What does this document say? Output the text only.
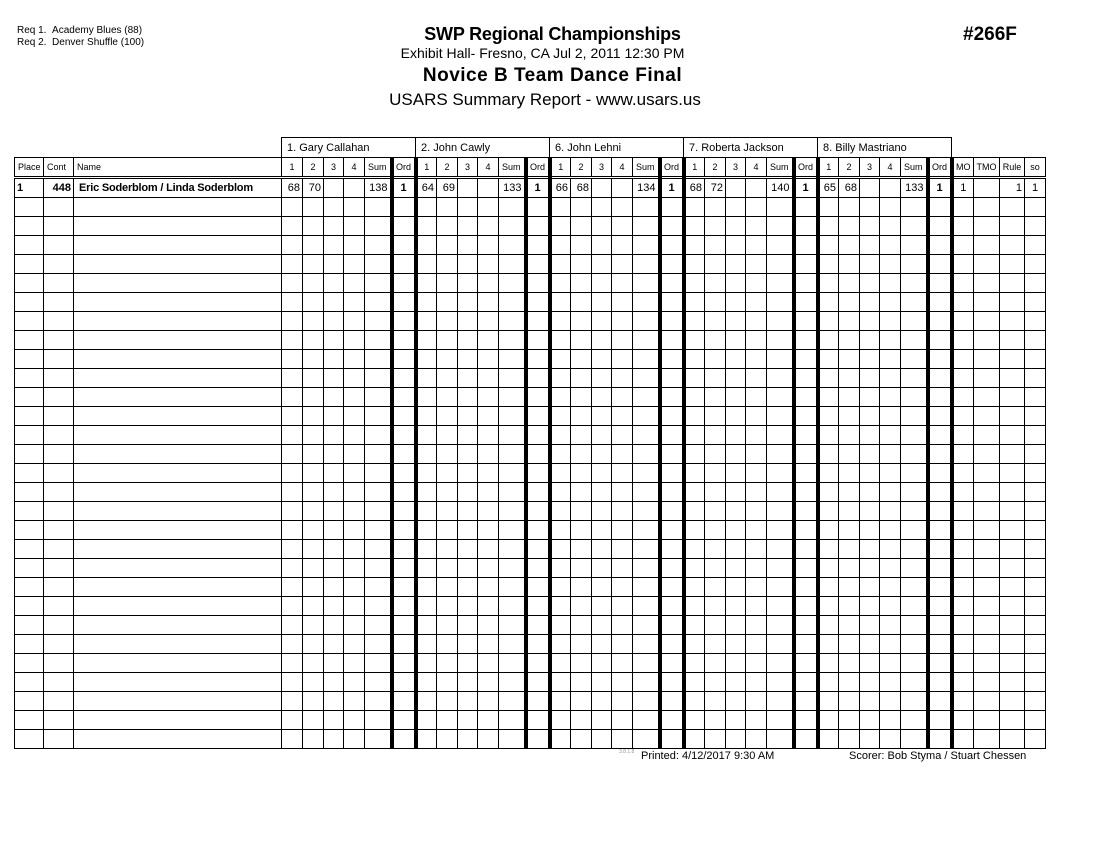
Req 1. Academy Blues (88)
Req 2. Denver Shuffle (100)	SWP Regional Championships
Exhibit Hall- Fresno, CA Jul 2, 2011 12:30 PM
Novice B Team Dance Final
USARS Summary Report - www.usars.us
#266F
			1. Gary Callahan						2. John Cawly						6. John Lehni						7. Roberta Jackson						8. Billy Mastriano									
Place	Cont	Name	1	2	3	4	Sum	Ord	1	2	3	4	Sum	Ord	1	2	3	4	Sum	Ord	1	2	3	4	Sum	Ord	1	2	3	4	Sum	Ord	MO	TMO	Rule	so
1	448	Eric Soderblom / Linda Soderblom	68	70			138	1	64	69			133	1	66	68			134	1	68	72			140	1	65	68			133	1	1		1	1

3.8.1.8 Printed: 4/12/2017 9:30 AM	Scorer: Bob Styma / Stuart Chessen
